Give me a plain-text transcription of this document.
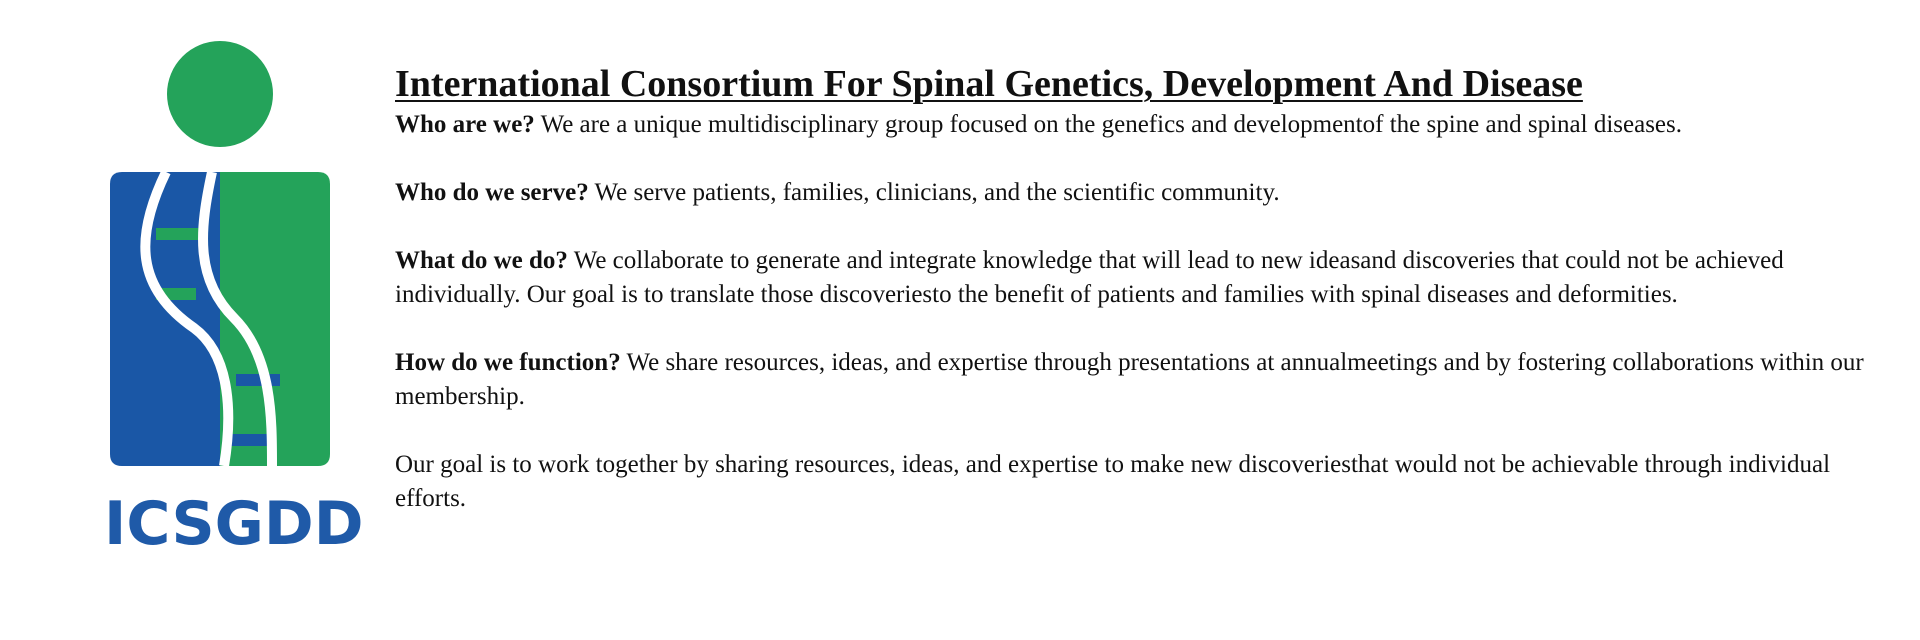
ICSGDD
International Consortium For Spinal Genetics, Development And Disease

Who are we? We are a unique multidisciplinary group focused on the genefics and developmentof the spine and spinal diseases.

Who do we serve? We serve patients, families, clinicians, and the scientific community.

What do we do? We collaborate to generate and integrate knowledge that will lead to new ideasand discoveries that could not be achieved individually. Our goal is to translate those discoveriesto the benefit of patients and families with spinal diseases and deformities.

How do we function? We share resources, ideas, and expertise through presentations at annualmeetings and by fostering collaborations within our membership.

Our goal is to work together by sharing resources, ideas, and expertise to make new discoveriesthat would not be achievable through individual efforts.
